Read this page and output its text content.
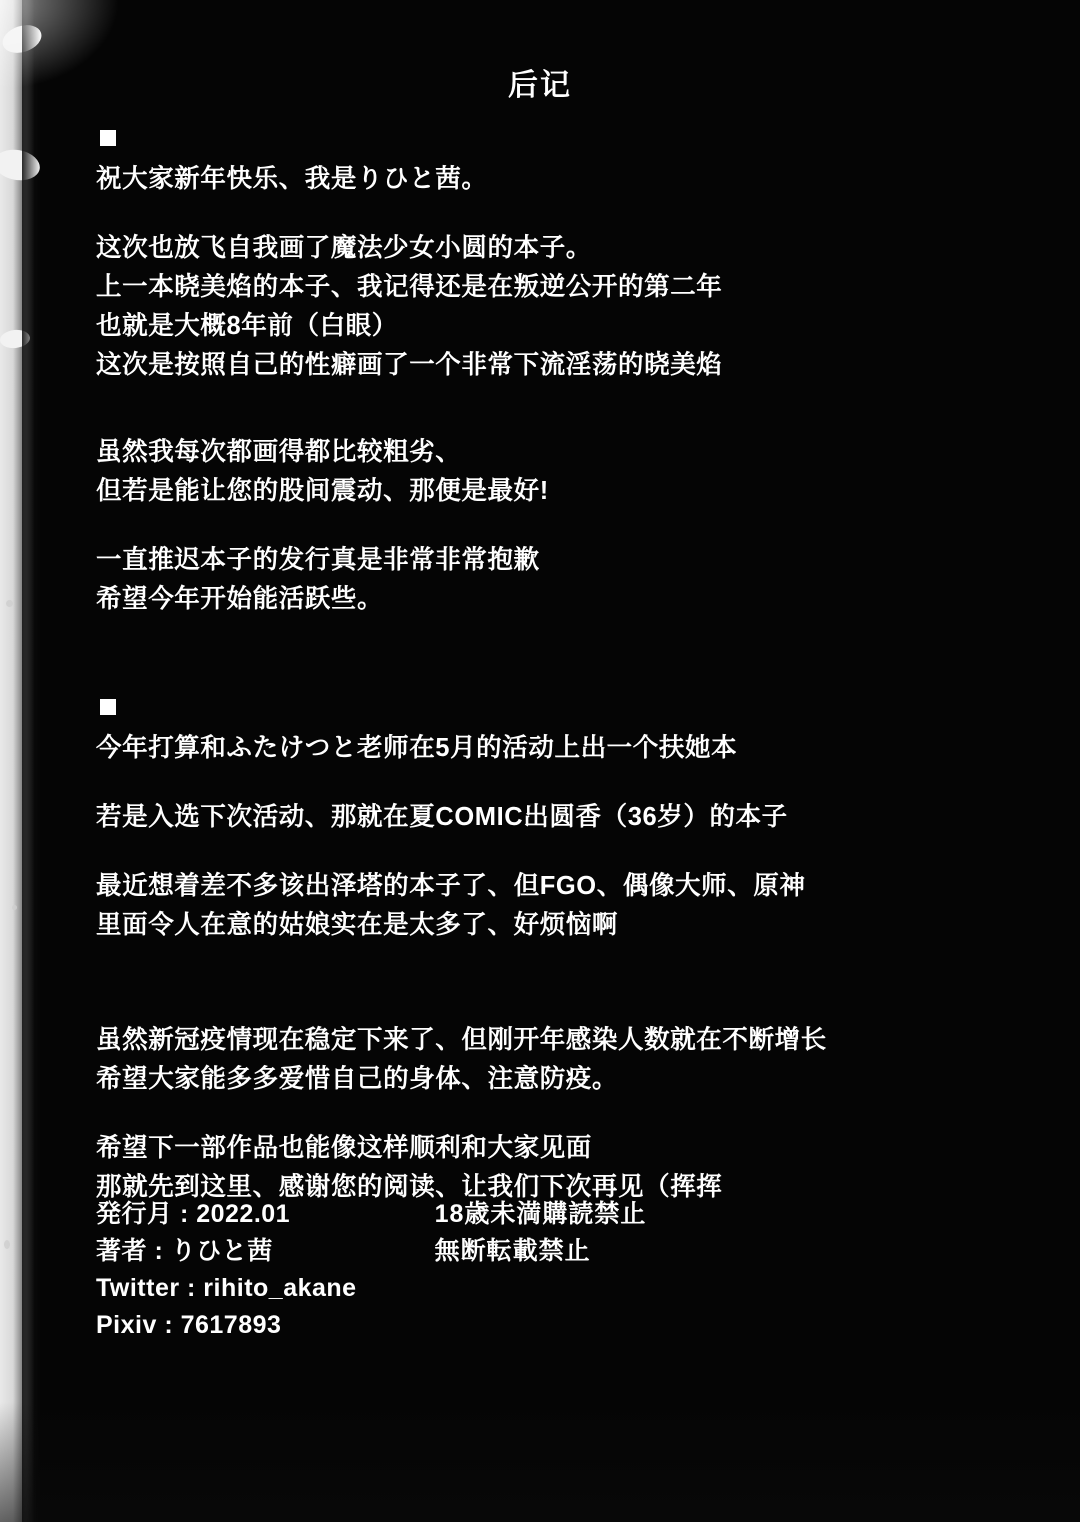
后记
祝大家新年快乐、我是りひと茜。
这次也放飞自我画了魔法少女小圆的本子。
上一本晓美焰的本子、我记得还是在叛逆公开的第二年
也就是大概8年前（白眼）
这次是按照自己的性癖画了一个非常下流淫荡的晓美焰
虽然我每次都画得都比较粗劣、
但若是能让您的股间震动、那便是最好!
一直推迟本子的发行真是非常非常抱歉
希望今年开始能活跃些。
今年打算和ふたけつと老师在5月的活动上出一个扶她本
若是入选下次活动、那就在夏COMIC出圆香（36岁）的本子
最近想着差不多该出泽塔的本子了、但FGO、偶像大师、原神
里面令人在意的姑娘实在是太多了、好烦恼啊
虽然新冠疫情现在稳定下来了、但刚开年感染人数就在不断增长
希望大家能多多爱惜自己的身体、注意防疫。
希望下一部作品也能像这样顺利和大家见面
那就先到这里、感谢您的阅读、让我们下次再见（挥挥
発行月 : 2022.01
著者 : りひと茜
Twitter : rihito_akane
Pixiv : 7617893
18歳未満購読禁止
無断転載禁止
